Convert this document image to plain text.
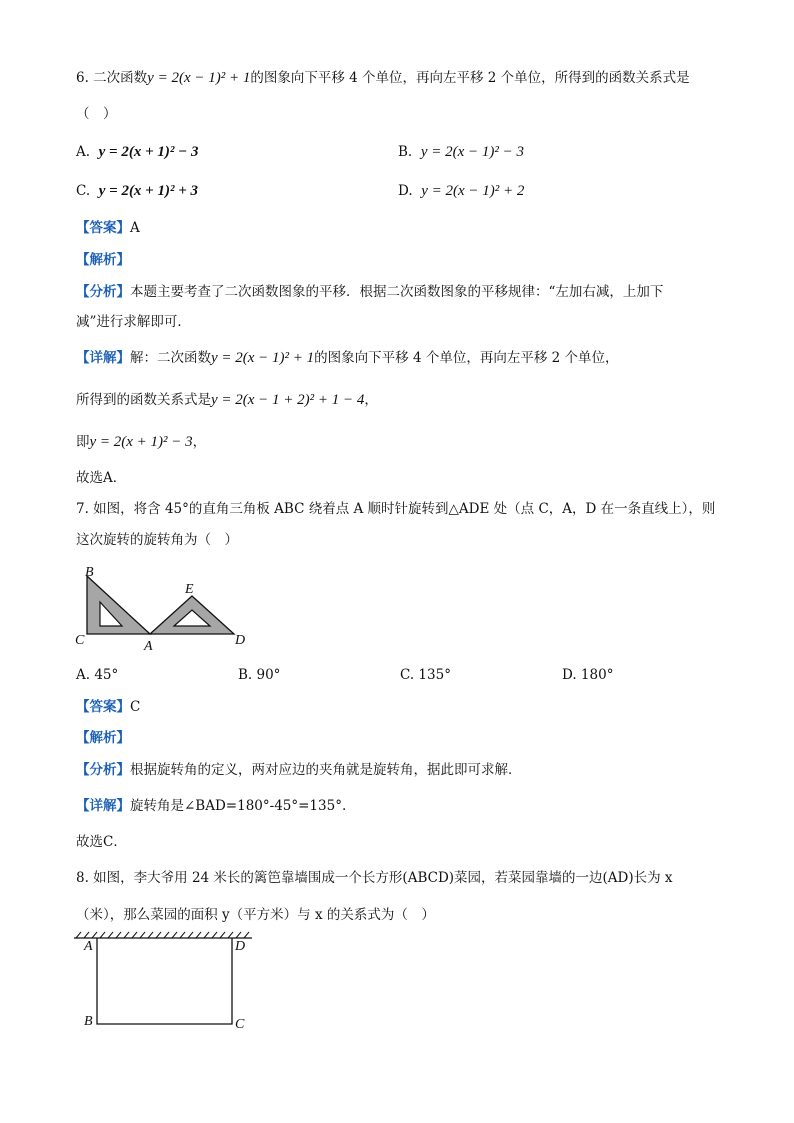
6. 二次函数y = 2(x − 1)² + 1的图象向下平移 4 个单位，再向左平移 2 个单位，所得到的函数关系式是
（　）
A. y = 2(x + 1)² − 3	B. y = 2(x − 1)² − 3
C. y = 2(x + 1)² + 3	D. y = 2(x − 1)² + 2
【答案】A
【解析】
【分析】本题主要考查了二次函数图象的平移．根据二次函数图象的平移规律：“左加右减，上加下
减”进行求解即可．
【详解】解：二次函数y = 2(x − 1)² + 1的图象向下平移 4 个单位，再向左平移 2 个单位，
所得到的函数关系式是y = 2(x − 1 + 2)² + 1 − 4，
即y = 2(x + 1)² − 3，
故选A．
7. 如图，将含 45°的直角三角板 ABC 绕着点 A 顺时针旋转到△ADE 处（点 C，A，D 在一条直线上），则
这次旋转的旋转角为（　）
B
E
C	A	D
A. 45°	B. 90°	C. 135°	D. 180°
【答案】C
【解析】
【分析】根据旋转角的定义，两对应边的夹角就是旋转角，据此即可求解．
【详解】旋转角是∠BAD=180°-45°=135°.
故选C．
8. 如图，李大爷用 24 米长的篱笆靠墙围成一个长方形(ABCD)菜园，若菜园靠墙的一边(AD)长为 x
（米），那么菜园的面积 y（平方米）与 x 的关系式为（　）
A	D
B	C
